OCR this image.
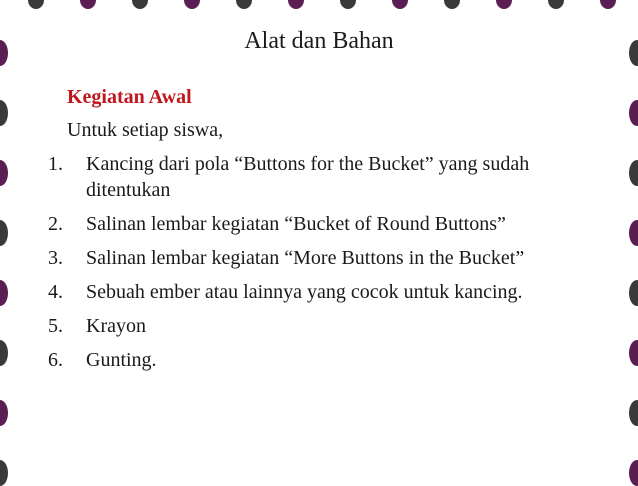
Alat dan Bahan
Kegiatan Awal
Untuk setiap siswa,
1.	Kancing dari pola “Buttons for the Bucket” yang sudah ditentukan
2.	Salinan lembar kegiatan “Bucket of Round Buttons”
3.	Salinan lembar kegiatan “More Buttons in the Bucket”
4.	Sebuah ember atau lainnya yang cocok untuk kancing.
5.	Krayon
6.	Gunting.
